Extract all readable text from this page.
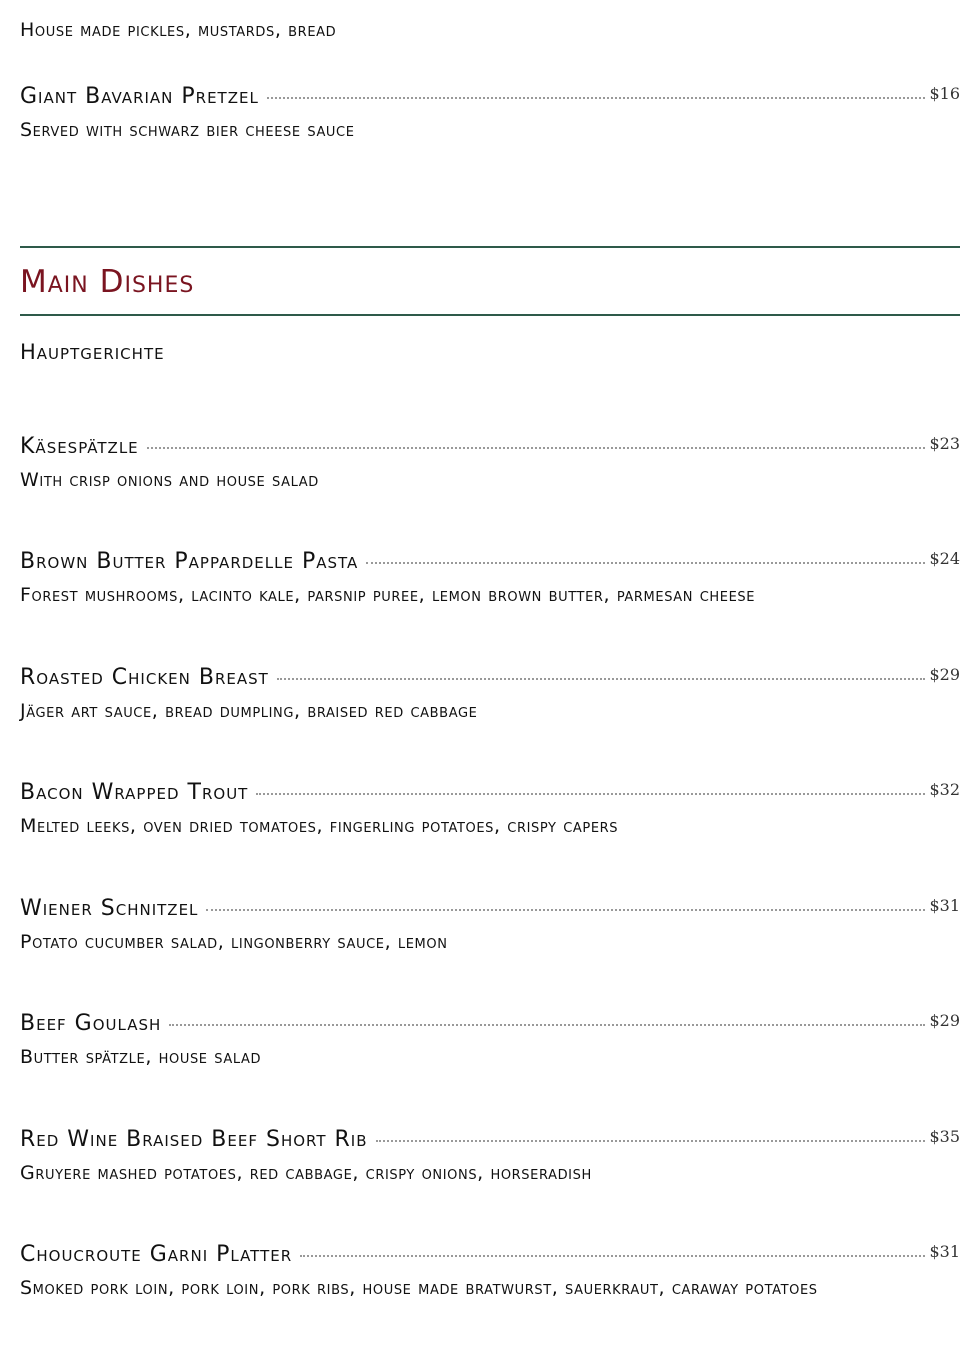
House made pickles, mustards, bread
Giant Bavarian Pretzel	$16
Served with schwarz bier cheese sauce
Main Dishes
Hauptgerichte
Käsespätzle	$23
With crisp onions and house salad
Brown Butter Pappardelle Pasta	$24
Forest mushrooms, lacinto kale, parsnip puree, lemon brown butter, parmesan cheese
Roasted Chicken Breast	$29
Jäger art sauce, bread dumpling, braised red cabbage
Bacon Wrapped Trout	$32
Melted leeks, oven dried tomatoes, fingerling potatoes, crispy capers
Wiener Schnitzel	$31
Potato cucumber salad, lingonberry sauce, lemon
Beef Goulash	$29
Butter spätzle, house salad
Red Wine Braised Beef Short Rib	$35
Gruyere mashed potatoes, red cabbage, crispy onions, horseradish
Choucroute Garni Platter	$31
Smoked pork loin, pork loin, pork ribs, house made bratwurst, sauerkraut, caraway potatoes
